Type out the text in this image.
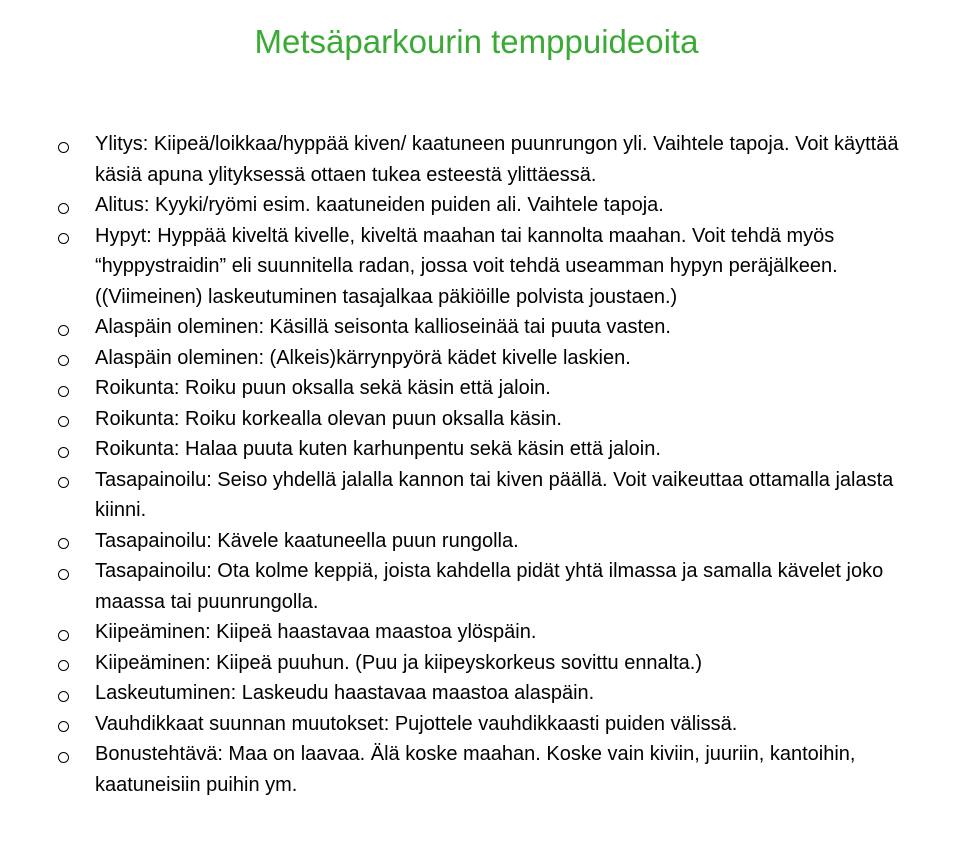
Metsäparkourin temppuideoita
Ylitys: Kiipeä/loikkaa/hyppää kiven/ kaatuneen puunrungon yli. Vaihtele tapoja. Voit käyttää käsiä apuna ylityksessä ottaen tukea esteestä ylittäessä.
Alitus: Kyyki/ryömi esim. kaatuneiden puiden ali. Vaihtele tapoja.
Hypyt: Hyppää kiveltä kivelle, kiveltä maahan tai kannolta maahan. Voit tehdä myös “hyppystraidin” eli suunnitella radan, jossa voit tehdä useamman hypyn peräjälkeen. ((Viimeinen) laskeutuminen tasajalkaa päkiöille polvista joustaen.)
Alaspäin oleminen: Käsillä seisonta kallioseinää tai puuta vasten.
Alaspäin oleminen: (Alkeis)kärrynpyörä kädet kivelle laskien.
Roikunta: Roiku puun oksalla sekä käsin että jaloin.
Roikunta: Roiku korkealla olevan puun oksalla käsin.
Roikunta: Halaa puuta kuten karhunpentu sekä käsin että jaloin.
Tasapainoilu: Seiso yhdellä jalalla kannon tai kiven päällä. Voit vaikeuttaa ottamalla jalasta kiinni.
Tasapainoilu: Kävele kaatuneella puun rungolla.
Tasapainoilu: Ota kolme keppiä, joista kahdella pidät yhtä ilmassa ja samalla kävelet joko maassa tai puunrungolla.
Kiipeäminen: Kiipeä haastavaa maastoa ylöspäin.
Kiipeäminen: Kiipeä puuhun. (Puu ja kiipeyskorkeus sovittu ennalta.)
Laskeutuminen: Laskeudu haastavaa maastoa alaspäin.
Vauhdikkaat suunnan muutokset: Pujottele vauhdikkaasti puiden välissä.
Bonustehtävä: Maa on laavaa. Älä koske maahan. Koske vain kiviin, juuriin, kantoihin, kaatuneisiin puihin ym.
